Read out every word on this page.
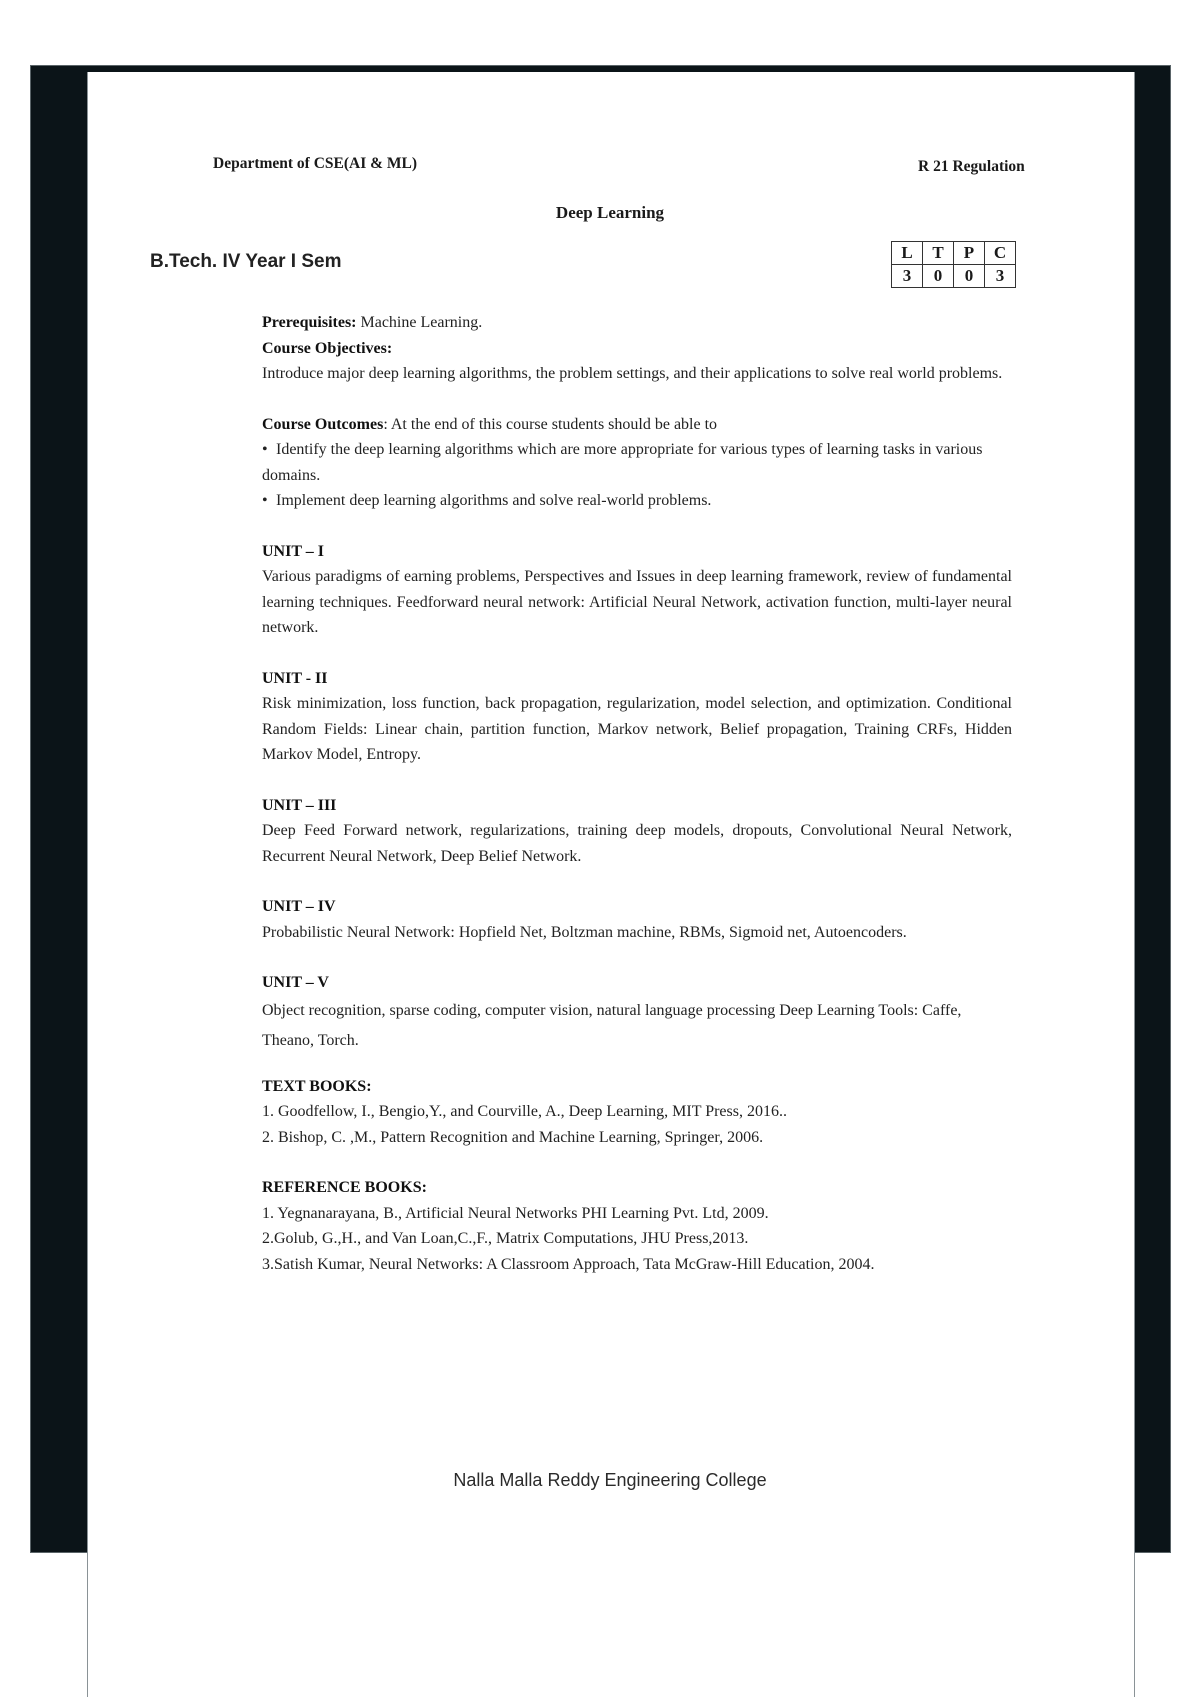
Department of CSE(AI & ML)	R 21 Regulation
Deep Learning
B.Tech. IV Year I Sem	L	T	P	C
3	0	0	3

Prerequisites: Machine Learning.

Course Objectives:

Introduce major deep learning algorithms, the problem settings, and their applications to solve real world problems.

Course Outcomes: At the end of this course students should be able to

• Identify the deep learning algorithms which are more appropriate for various types of learning tasks in various domains.

• Implement deep learning algorithms and solve real-world problems.

UNIT – I

Various paradigms of earning problems, Perspectives and Issues in deep learning framework, review of fundamental learning techniques. Feedforward neural network: Artificial Neural Network, activation function, multi-layer neural network.

UNIT - II

Risk minimization, loss function, back propagation, regularization, model selection, and optimization. Conditional Random Fields: Linear chain, partition function, Markov network, Belief propagation, Training CRFs, Hidden Markov Model, Entropy.

UNIT – III

Deep Feed Forward network, regularizations, training deep models, dropouts, Convolutional Neural Network, Recurrent Neural Network, Deep Belief Network.

UNIT – IV

Probabilistic Neural Network: Hopfield Net, Boltzman machine, RBMs, Sigmoid net, Autoencoders.

UNIT – V

Object recognition, sparse coding, computer vision, natural language processing Deep Learning Tools: Caffe, Theano, Torch.

TEXT BOOKS:

1. Goodfellow, I., Bengio,Y., and Courville, A., Deep Learning, MIT Press, 2016..

2. Bishop, C. ,M., Pattern Recognition and Machine Learning, Springer, 2006.

REFERENCE BOOKS:

1. Yegnanarayana, B., Artificial Neural Networks PHI Learning Pvt. Ltd, 2009.

2.Golub, G.,H., and Van Loan,C.,F., Matrix Computations, JHU Press,2013.

3.Satish Kumar, Neural Networks: A Classroom Approach, Tata McGraw-Hill Education, 2004.

Nalla Malla Reddy Engineering College
